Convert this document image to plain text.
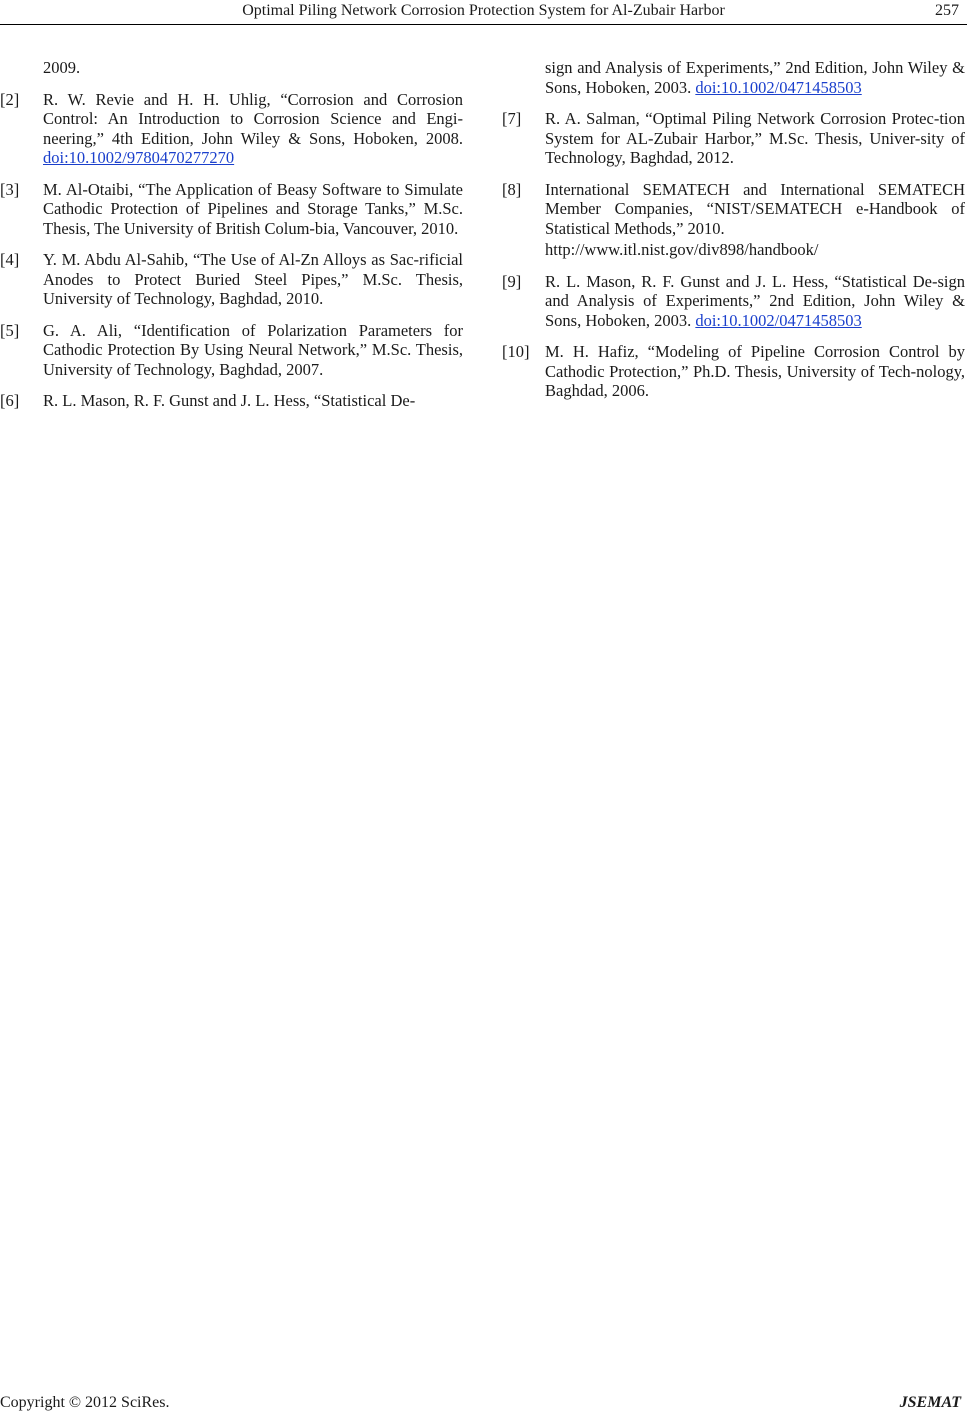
Optimal Piling Network Corrosion Protection System for Al-Zubair Harbor	257
2009.
[2] R. W. Revie and H. H. Uhlig, “Corrosion and Corrosion Control: An Introduction to Corrosion Science and Engi-neering,” 4th Edition, John Wiley & Sons, Hoboken, 2008. doi:10.1002/9780470277270
[3] M. Al-Otaibi, “The Application of Beasy Software to Simulate Cathodic Protection of Pipelines and Storage Tanks,” M.Sc. Thesis, The University of British Colum-bia, Vancouver, 2010.
[4] Y. M. Abdu Al-Sahib, “The Use of Al-Zn Alloys as Sac-rificial Anodes to Protect Buried Steel Pipes,” M.Sc. Thesis, University of Technology, Baghdad, 2010.
[5] G. A. Ali, “Identification of Polarization Parameters for Cathodic Protection By Using Neural Network,” M.Sc. Thesis, University of Technology, Baghdad, 2007.
[6] R. L. Mason, R. F. Gunst and J. L. Hess, “Statistical De-
sign and Analysis of Experiments,” 2nd Edition, John Wiley & Sons, Hoboken, 2003. doi:10.1002/0471458503
[7] R. A. Salman, “Optimal Piling Network Corrosion Protec-tion System for AL-Zubair Harbor,” M.Sc. Thesis, Univer-sity of Technology, Baghdad, 2012.
[8] International SEMATECH and International SEMATECH Member Companies, “NIST/SEMATECH e-Handbook of Statistical Methods,” 2010.
http://www.itl.nist.gov/div898/handbook/
[9] R. L. Mason, R. F. Gunst and J. L. Hess, “Statistical De-sign and Analysis of Experiments,” 2nd Edition, John Wiley & Sons, Hoboken, 2003. doi:10.1002/0471458503
[10] M. H. Hafiz, “Modeling of Pipeline Corrosion Control by Cathodic Protection,” Ph.D. Thesis, University of Tech-nology, Baghdad, 2006.
Copyright © 2012 SciRes.	JSEMAT
